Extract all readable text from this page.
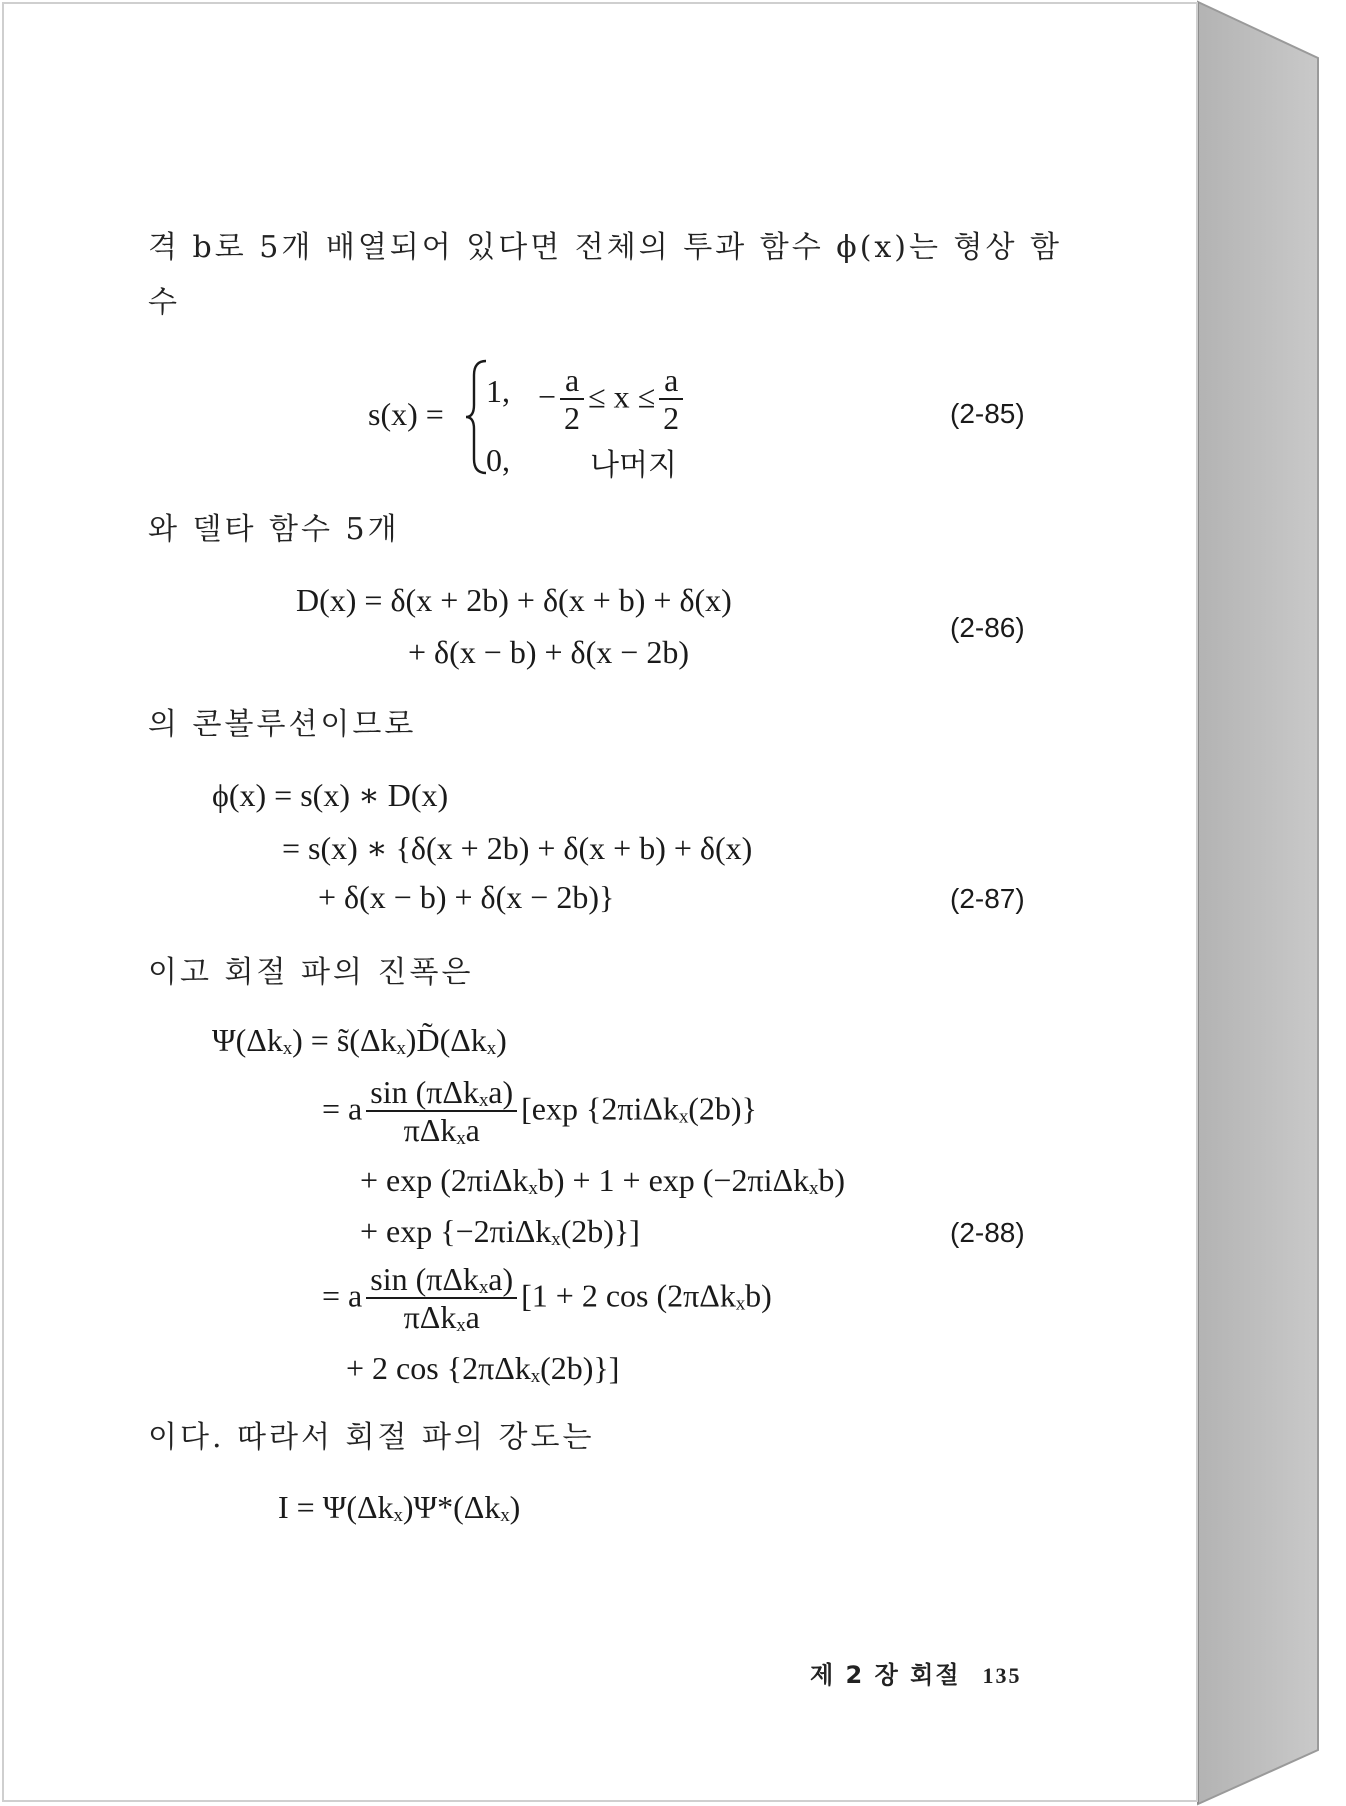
격 b로 5개 배열되어 있다면 전체의 투과 함수 ϕ(x)는 형상 함
수
s(x) =
1, − $\frac{a}{2} \le x \le \frac{a}{2}$
0,	나머지
(2-85)
와 델타 함수 5개
D(x) = δ(x + 2b) + δ(x + b) + δ(x)
+ δ(x − b) + δ(x − 2b)
(2-86)
의 콘볼루션이므로
ϕ(x) = s(x) ∗ D(x)
= s(x) ∗ {δ(x + 2b) + δ(x + b) + δ(x)
+ δ(x − b) + δ(x − 2b)}	(2-87)
이고 회절 파의 진폭은
Ψ(Δkₓ) = s̃(Δkₓ)D̃(Δkₓ)
= a $\frac{\text{sin (πΔkₓa)}}{\text{πΔkₓa}} [\exp$ {2πiΔkₓ(2b)}
+ exp (2πiΔkₓb) + 1 + exp (−2πiΔkₓb)
+ exp {−2πiΔkₓ(2b)}]	(2-88)
= a $\frac{\text{sin (πΔkₓa)}}{\text{πΔkₓa}} [1 + 2$ cos (2πΔkₓb)
+ 2 cos {2πΔkₓ(2b)}]
이다. 따라서 회절 파의 강도는
I = Ψ(Δkₓ)Ψ*(Δkₓ)
제 2 장 회절 135
